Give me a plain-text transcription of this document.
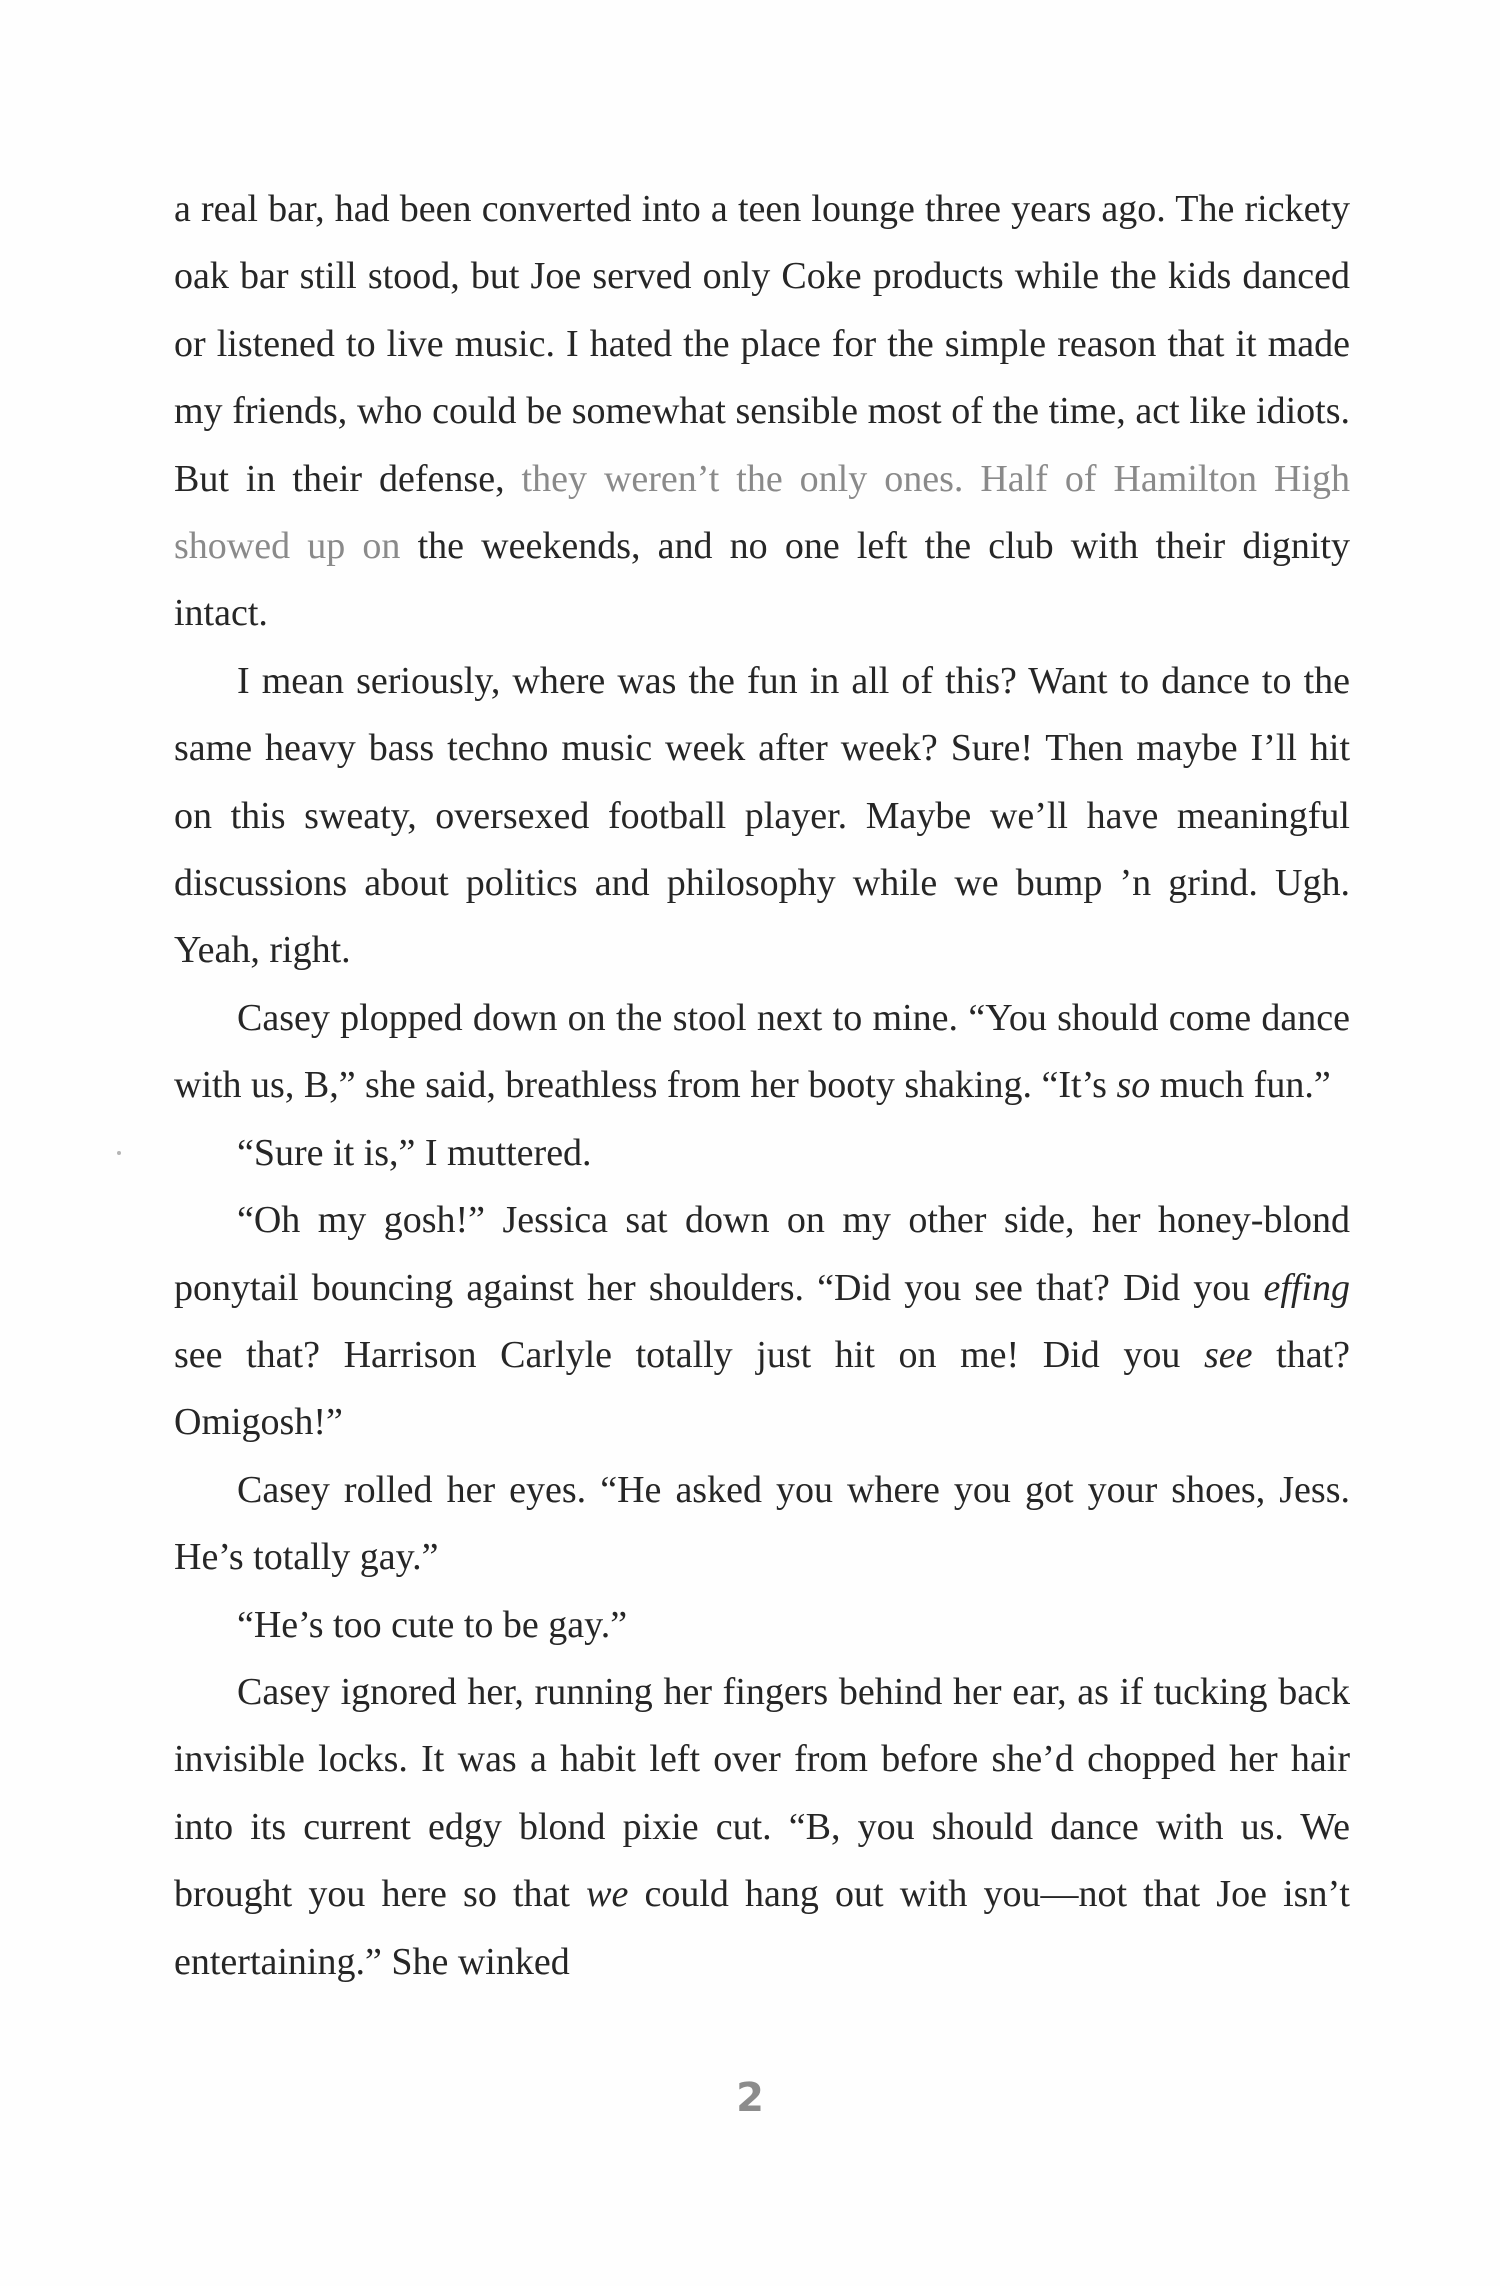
a real bar, had been converted into a teen lounge three years ago. The rickety oak bar still stood, but Joe served only Coke products while the kids danced or listened to live music. I hated the place for the simple reason that it made my friends, who could be somewhat sensible most of the time, act like idiots. But in their defense, they weren’t the only ones. Half of Hamilton High showed up on the weekends, and no one left the club with their dignity intact.

I mean seriously, where was the fun in all of this? Want to dance to the same heavy bass techno music week after week? Sure! Then maybe I’ll hit on this sweaty, oversexed football player. Maybe we’ll have meaningful discussions about politics and philosophy while we bump ’n grind. Ugh. Yeah, right.

Casey plopped down on the stool next to mine. “You should come dance with us, B,” she said, breathless from her booty shaking. “It’s so much fun.”

“Sure it is,” I muttered.

“Oh my gosh!” Jessica sat down on my other side, her honey-blond ponytail bouncing against her shoulders. “Did you see that? Did you effing see that? Harrison Carlyle totally just hit on me! Did you see that? Omigosh!”

Casey rolled her eyes. “He asked you where you got your shoes, Jess. He’s totally gay.”

“He’s too cute to be gay.”

Casey ignored her, running her fingers behind her ear, as if tucking back invisible locks. It was a habit left over from before she’d chopped her hair into its current edgy blond pixie cut. “B, you should dance with us. We brought you here so that we could hang out with you—not that Joe isn’t entertaining.” She winked

2
